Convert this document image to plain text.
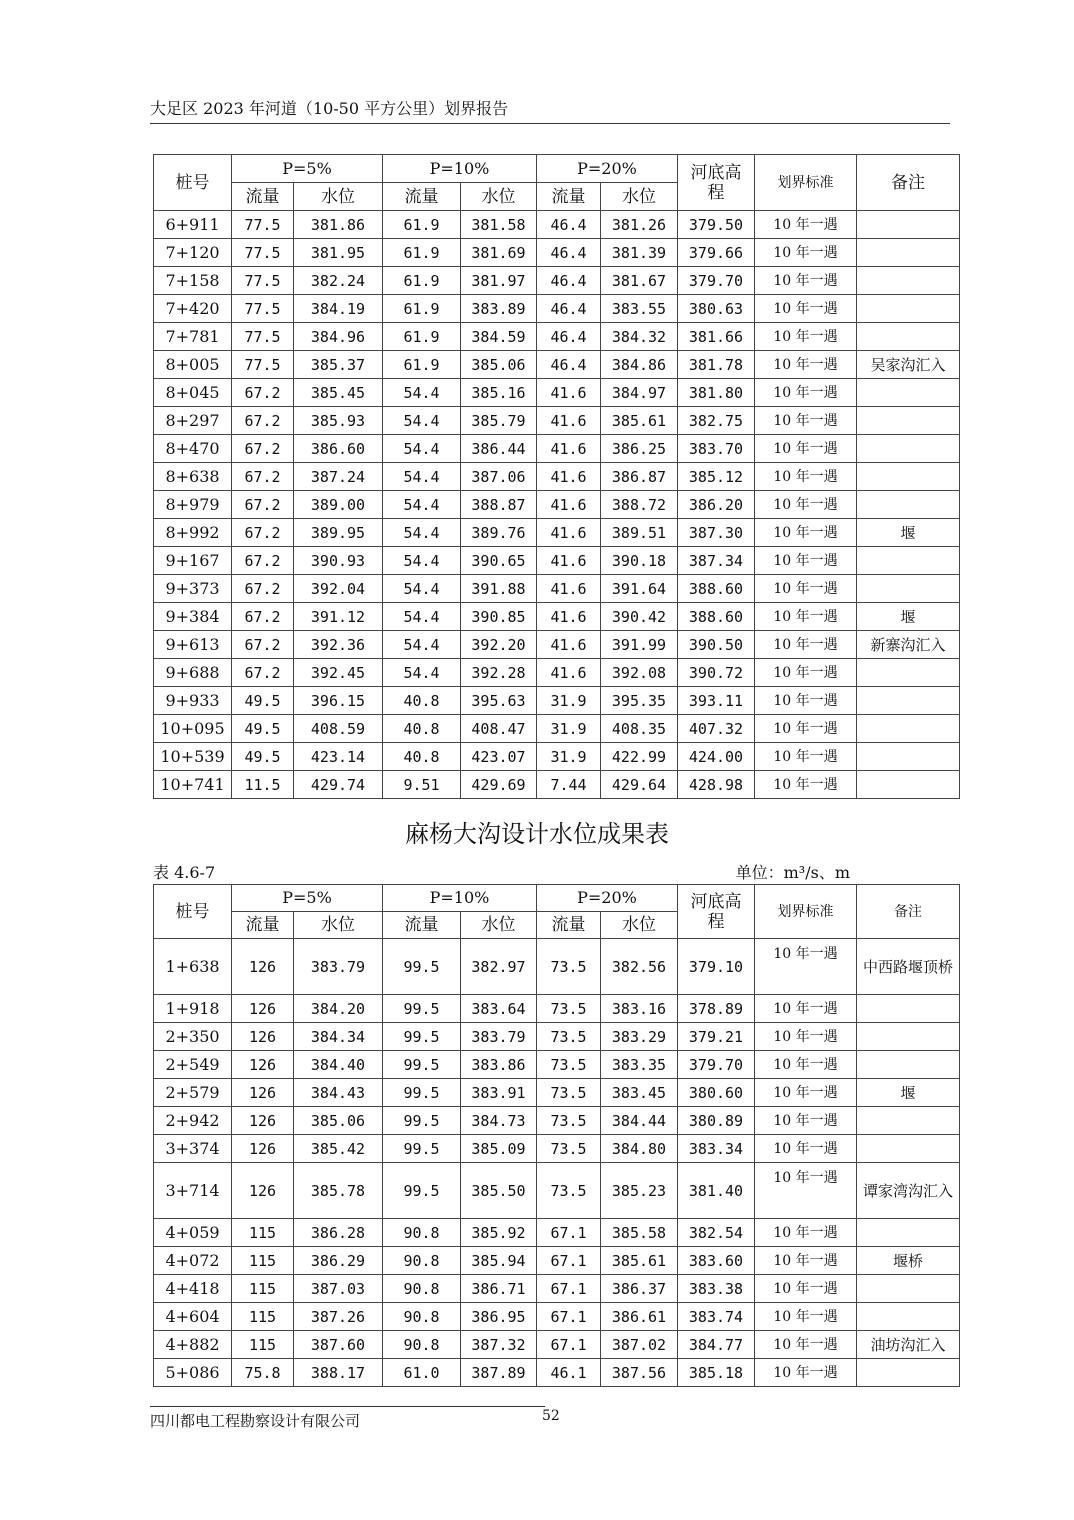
大足区 2023 年河道（10-50 平方公里）划界报告
桩号	P=5%		P=10%		P=20%		河底高
程	划界标准	备注
	流量	水位	流量	水位	流量	水位			
6+911	77.5	381.86	61.9	381.58	46.4	381.26	379.50	10 年一遇	
7+120	77.5	381.95	61.9	381.69	46.4	381.39	379.66	10 年一遇	
7+158	77.5	382.24	61.9	381.97	46.4	381.67	379.70	10 年一遇	
7+420	77.5	384.19	61.9	383.89	46.4	383.55	380.63	10 年一遇	
7+781	77.5	384.96	61.9	384.59	46.4	384.32	381.66	10 年一遇	
8+005	77.5	385.37	61.9	385.06	46.4	384.86	381.78	10 年一遇	吴家沟汇入
8+045	67.2	385.45	54.4	385.16	41.6	384.97	381.80	10 年一遇	
8+297	67.2	385.93	54.4	385.79	41.6	385.61	382.75	10 年一遇	
8+470	67.2	386.60	54.4	386.44	41.6	386.25	383.70	10 年一遇	
8+638	67.2	387.24	54.4	387.06	41.6	386.87	385.12	10 年一遇	
8+979	67.2	389.00	54.4	388.87	41.6	388.72	386.20	10 年一遇	
8+992	67.2	389.95	54.4	389.76	41.6	389.51	387.30	10 年一遇	堰
9+167	67.2	390.93	54.4	390.65	41.6	390.18	387.34	10 年一遇	
9+373	67.2	392.04	54.4	391.88	41.6	391.64	388.60	10 年一遇	
9+384	67.2	391.12	54.4	390.85	41.6	390.42	388.60	10 年一遇	堰
9+613	67.2	392.36	54.4	392.20	41.6	391.99	390.50	10 年一遇	新寨沟汇入
9+688	67.2	392.45	54.4	392.28	41.6	392.08	390.72	10 年一遇	
9+933	49.5	396.15	40.8	395.63	31.9	395.35	393.11	10 年一遇	
10+095	49.5	408.59	40.8	408.47	31.9	408.35	407.32	10 年一遇	
10+539	49.5	423.14	40.8	423.07	31.9	422.99	424.00	10 年一遇	
10+741	11.5	429.74	9.51	429.69	7.44	429.64	428.98	10 年一遇	
麻杨大沟设计水位成果表
表 4.6-7	单位：m³/s、m
桩号	P=5%		P=10%		P=20%		河底高
程	划界标准	备注
	流量	水位	流量	水位	流量	水位			
1+638	126	383.79	99.5	382.97	73.5	382.56	379.10	10 年一遇	中西路堰顶桥
1+918	126	384.20	99.5	383.64	73.5	383.16	378.89	10 年一遇	
2+350	126	384.34	99.5	383.79	73.5	383.29	379.21	10 年一遇	
2+549	126	384.40	99.5	383.86	73.5	383.35	379.70	10 年一遇	
2+579	126	384.43	99.5	383.91	73.5	383.45	380.60	10 年一遇	堰
2+942	126	385.06	99.5	384.73	73.5	384.44	380.89	10 年一遇	
3+374	126	385.42	99.5	385.09	73.5	384.80	383.34	10 年一遇	
3+714	126	385.78	99.5	385.50	73.5	385.23	381.40	10 年一遇	谭家湾沟汇入
4+059	115	386.28	90.8	385.92	67.1	385.58	382.54	10 年一遇	
4+072	115	386.29	90.8	385.94	67.1	385.61	383.60	10 年一遇	堰桥
4+418	115	387.03	90.8	386.71	67.1	386.37	383.38	10 年一遇	
4+604	115	387.26	90.8	386.95	67.1	386.61	383.74	10 年一遇	
4+882	115	387.60	90.8	387.32	67.1	387.02	384.77	10 年一遇	油坊沟汇入
5+086	75.8	388.17	61.0	387.89	46.1	387.56	385.18	10 年一遇	
四川都电工程勘察设计有限公司	52
